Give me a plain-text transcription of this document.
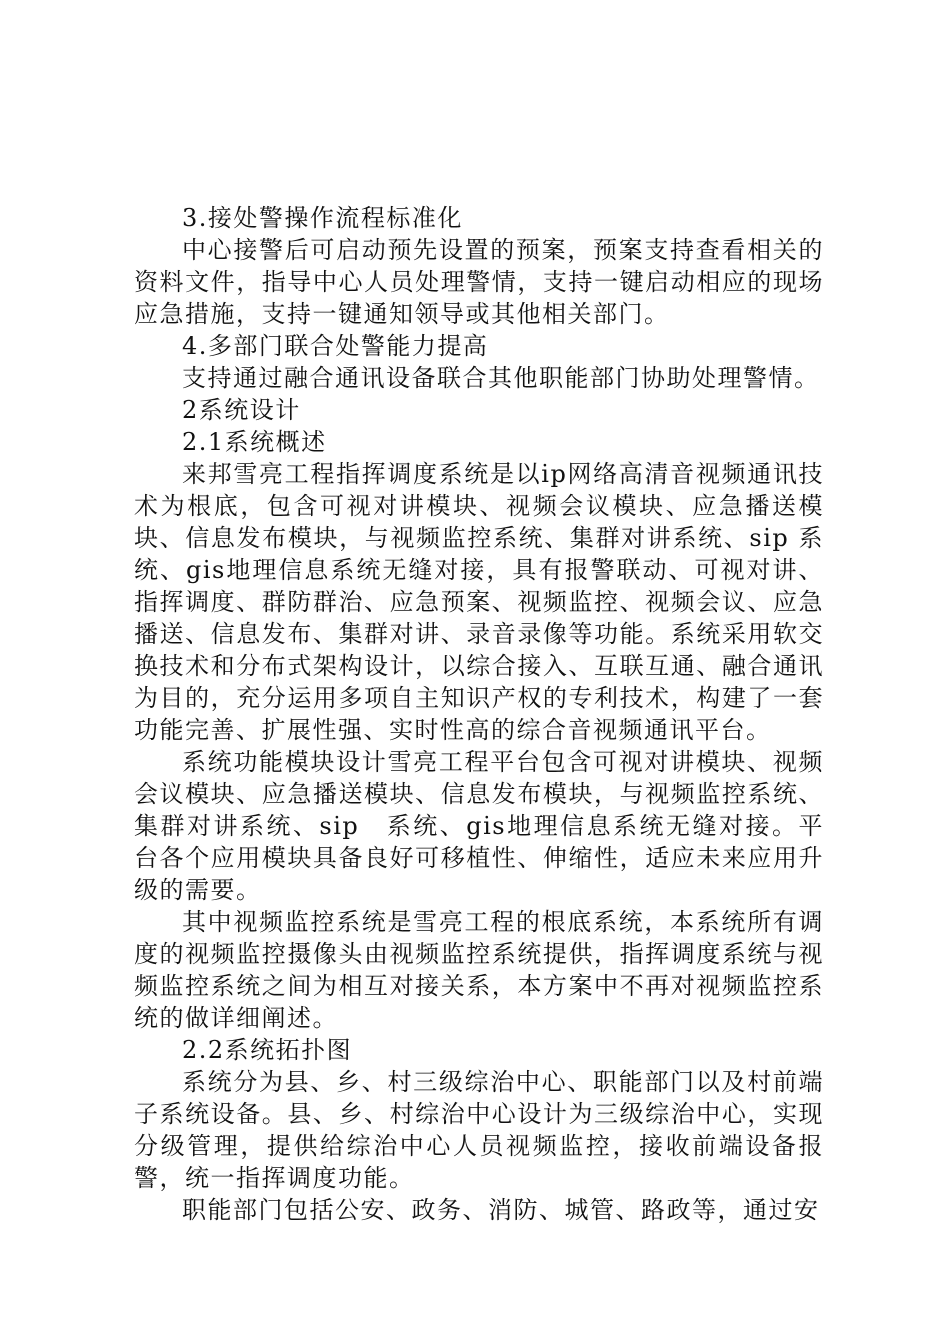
3.接处警操作流程标准化

中心接警后可启动预先设置的预案，预案支持查看相关的资料文件，指导中心人员处理警情，支持一键启动相应的现场应急措施，支持一键通知领导或其他相关部门。

4.多部门联合处警能力提高

支持通过融合通讯设备联合其他职能部门协助处理警情。

2系统设计

2.1系统概述

来邦雪亮工程指挥调度系统是以ip网络高清音视频通讯技术为根底，包含可视对讲模块、视频会议模块、应急播送模块、信息发布模块，与视频监控系统、集群对讲系统、sip 系统、gis地理信息系统无缝对接，具有报警联动、可视对讲、指挥调度、群防群治、应急预案、视频监控、视频会议、应急播送、信息发布、集群对讲、录音录像等功能。系统采用软交换技术和分布式架构设计，以综合接入、互联互通、融合通讯为目的，充分运用多项自主知识产权的专利技术，构建了一套功能完善、扩展性强、实时性高的综合音视频通讯平台。

系统功能模块设计雪亮工程平台包含可视对讲模块、视频会议模块、应急播送模块、信息发布模块，与视频监控系统、集群对讲系统、sip　系统、gis地理信息系统无缝对接。平台各个应用模块具备良好可移植性、伸缩性，适应未来应用升级的需要。

其中视频监控系统是雪亮工程的根底系统，本系统所有调度的视频监控摄像头由视频监控系统提供，指挥调度系统与视频监控系统之间为相互对接关系，本方案中不再对视频监控系统的做详细阐述。

2.2系统拓扑图

系统分为县、乡、村三级综治中心、职能部门以及村前端子系统设备。县、乡、村综治中心设计为三级综治中心，实现分级管理，提供给综治中心人员视频监控，接收前端设备报警，统一指挥调度功能。

职能部门包括公安、政务、消防、城管、路政等，通过安
